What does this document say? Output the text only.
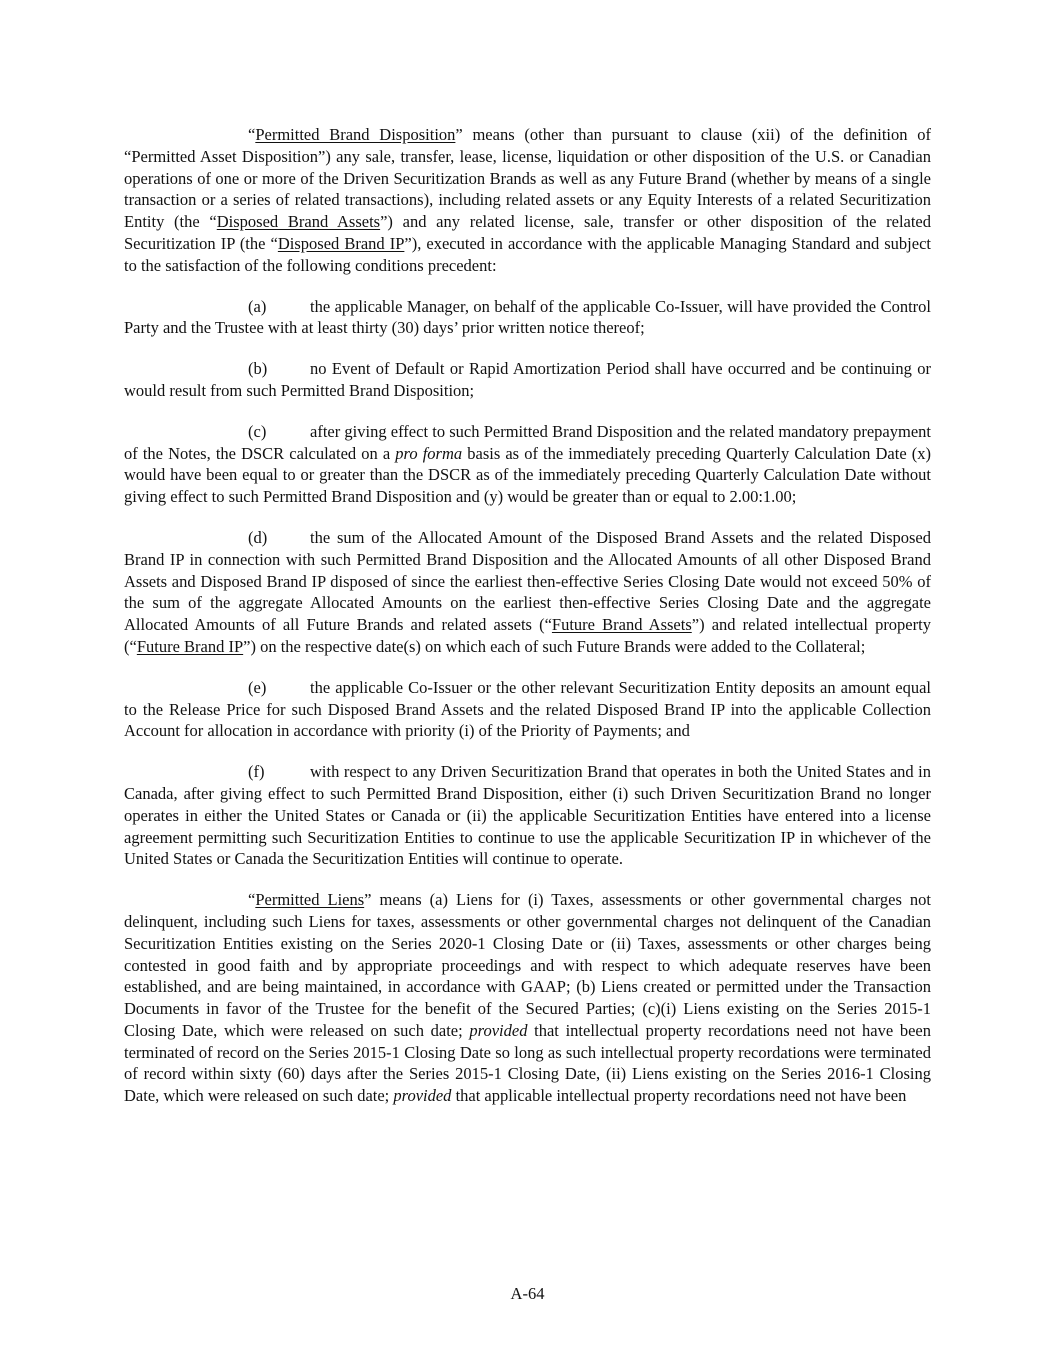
“Permitted Brand Disposition” means (other than pursuant to clause (xii) of the definition of “Permitted Asset Disposition”) any sale, transfer, lease, license, liquidation or other disposition of the U.S. or Canadian operations of one or more of the Driven Securitization Brands as well as any Future Brand (whether by means of a single transaction or a series of related transactions), including related assets or any Equity Interests of a related Securitization Entity (the “Disposed Brand Assets”) and any related license, sale, transfer or other disposition of the related Securitization IP (the “Disposed Brand IP”), executed in accordance with the applicable Managing Standard and subject to the satisfaction of the following conditions precedent:

(a)	the applicable Manager, on behalf of the applicable Co-Issuer, will have provided the Control Party and the Trustee with at least thirty (30) days’ prior written notice thereof;

(b)	no Event of Default or Rapid Amortization Period shall have occurred and be continuing or would result from such Permitted Brand Disposition;

(c)	after giving effect to such Permitted Brand Disposition and the related mandatory prepayment of the Notes, the DSCR calculated on a pro forma basis as of the immediately preceding Quarterly Calculation Date (x) would have been equal to or greater than the DSCR as of the immediately preceding Quarterly Calculation Date without giving effect to such Permitted Brand Disposition and (y) would be greater than or equal to 2.00:1.00;

(d)	the sum of the Allocated Amount of the Disposed Brand Assets and the related Disposed Brand IP in connection with such Permitted Brand Disposition and the Allocated Amounts of all other Disposed Brand Assets and Disposed Brand IP disposed of since the earliest then-effective Series Closing Date would not exceed 50% of the sum of the aggregate Allocated Amounts on the earliest then-effective Series Closing Date and the aggregate Allocated Amounts of all Future Brands and related assets (“Future Brand Assets”) and related intellectual property (“Future Brand IP”) on the respective date(s) on which each of such Future Brands were added to the Collateral;

(e)	the applicable Co-Issuer or the other relevant Securitization Entity deposits an amount equal to the Release Price for such Disposed Brand Assets and the related Disposed Brand IP into the applicable Collection Account for allocation in accordance with priority (i) of the Priority of Payments; and

(f)	with respect to any Driven Securitization Brand that operates in both the United States and in Canada, after giving effect to such Permitted Brand Disposition, either (i) such Driven Securitization Brand no longer operates in either the United States or Canada or (ii) the applicable Securitization Entities have entered into a license agreement permitting such Securitization Entities to continue to use the applicable Securitization IP in whichever of the United States or Canada the Securitization Entities will continue to operate.

“Permitted Liens” means (a) Liens for (i) Taxes, assessments or other governmental charges not delinquent, including such Liens for taxes, assessments or other governmental charges not delinquent of the Canadian Securitization Entities existing on the Series 2020-1 Closing Date or (ii) Taxes, assessments or other charges being contested in good faith and by appropriate proceedings and with respect to which adequate reserves have been established, and are being maintained, in accordance with GAAP; (b) Liens created or permitted under the Transaction Documents in favor of the Trustee for the benefit of the Secured Parties; (c)(i) Liens existing on the Series 2015-1 Closing Date, which were released on such date; provided that intellectual property recordations need not have been terminated of record on the Series 2015-1 Closing Date so long as such intellectual property recordations were terminated of record within sixty (60) days after the Series 2015-1 Closing Date, (ii) Liens existing on the Series 2016-1 Closing Date, which were released on such date; provided that applicable intellectual property recordations need not have been

A-64
